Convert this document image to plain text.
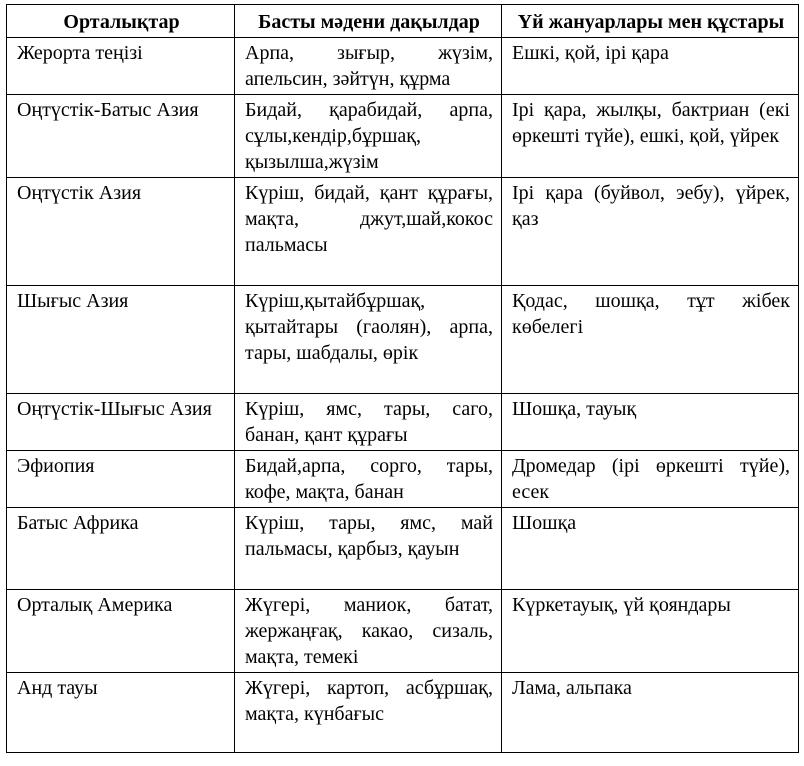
Орталықтар	Басты мәдени дақылдар	Үй жануарлары мен құстары
Жерорта теңізі	Арпа, зығыр, жүзім, апельсин, зәйтүн, құрма	Ешкі, қой, ірі қара
Оңтүстік-Батыс Азия	Бидай, қарабидай, арпа, сұлы,кендір,бұршақ, қызылша,жүзім	Ірі қара, жылқы, бактриан (екі өркешті түйе), ешкі, қой, үйрек
Оңтүстік Азия	Күріш, бидай, қант құрағы, мақта, джут,шай,кокос пальмасы	Ірі қара (буйвол, эебу), үйрек, қаз
Шығыс Азия	Күріш,қытайбұршақ, қытайтары (гаолян), арпа, тары, шабдалы, өрік	Қодас, шошқа, тұт жібек көбелегі
Оңтүстік-Шығыс Азия	Күріш, ямс, тары, саго, банан, қант құрағы	Шошқа, тауық
Эфиопия	Бидай,арпа, сорго, тары, кофе, мақта, банан	Дромедар (ірі өркешті түйе), есек
Батыс Африка	Күріш, тары, ямс, май пальмасы, қарбыз, қауын	Шошқа
Орталық Америка	Жүгері, маниок, батат, жержаңғақ, какао, сизаль, мақта, темекі	Күркетауық, үй қояндары
Анд тауы	Жүгері, картоп, асбұршақ, мақта, күнбағыс	Лама, альпака
